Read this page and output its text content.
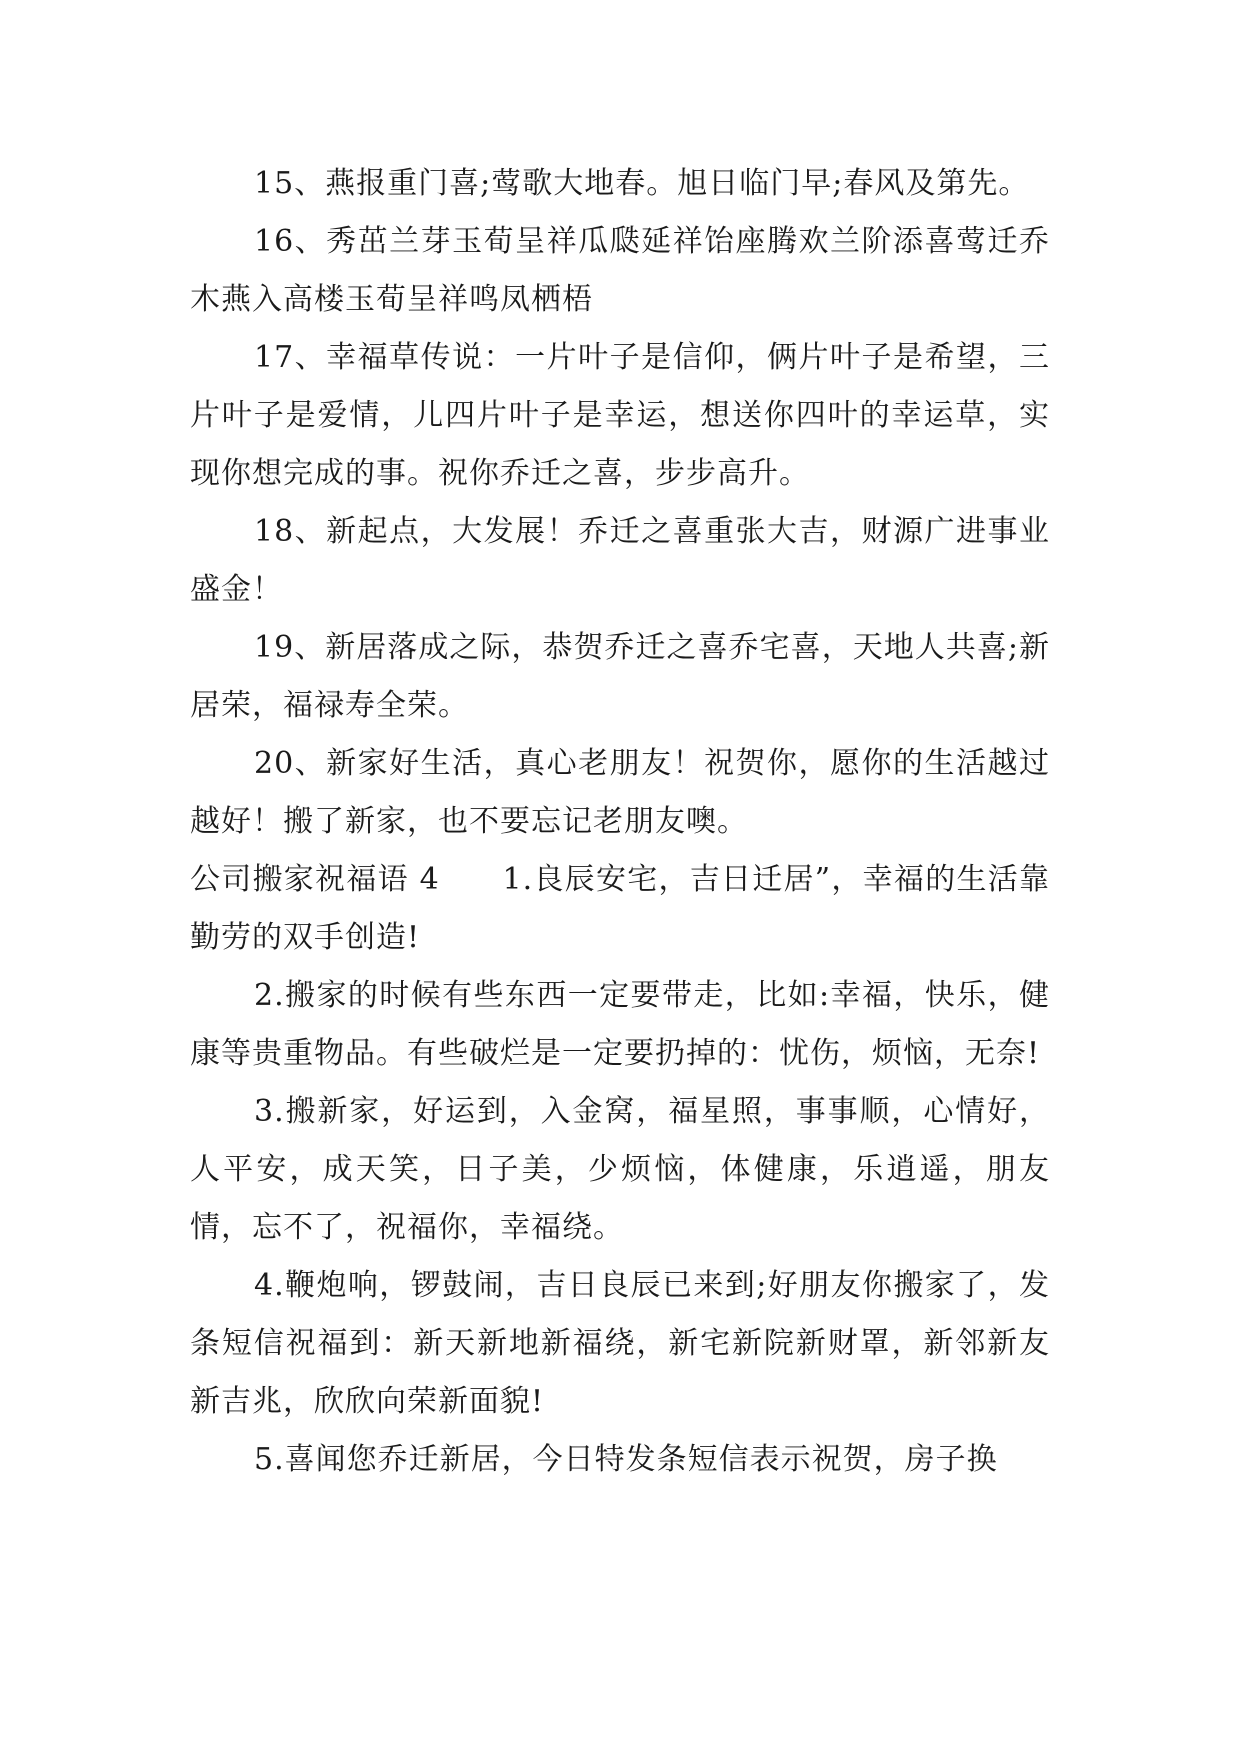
15、燕报重门喜;莺歌大地春。旭日临门早;春风及第先。

16、秀茁兰芽玉荀呈祥瓜瓞延祥饴座腾欢兰阶添喜莺迁乔木燕入高楼玉荀呈祥鸣凤栖梧

17、幸福草传说：一片叶子是信仰，俩片叶子是希望，三片叶子是爱情，儿四片叶子是幸运，想送你四叶的幸运草，实现你想完成的事。祝你乔迁之喜，步步高升。

18、新起点，大发展！乔迁之喜重张大吉，财源广进事业盛金！

19、新居落成之际，恭贺乔迁之喜乔宅喜，天地人共喜;新居荣，福禄寿全荣。

20、新家好生活，真心老朋友！祝贺你，愿你的生活越过越好！搬了新家，也不要忘记老朋友噢。

公司搬家祝福语 4　　1.良辰安宅，吉日迁居”，幸福的生活靠勤劳的双手创造!

2.搬家的时候有些东西一定要带走，比如:幸福，快乐，健康等贵重物品。有些破烂是一定要扔掉的：忧伤，烦恼，无奈!

3.搬新家，好运到，入金窝，福星照，事事顺，心情好，人平安，成天笑，日子美，少烦恼，体健康，乐逍遥，朋友情，忘不了，祝福你，幸福绕。

4.鞭炮响，锣鼓闹，吉日良辰已来到;好朋友你搬家了，发条短信祝福到：新天新地新福绕，新宅新院新财罩，新邻新友新吉兆，欣欣向荣新面貌!

5.喜闻您乔迁新居，今日特发条短信表示祝贺，房子换
